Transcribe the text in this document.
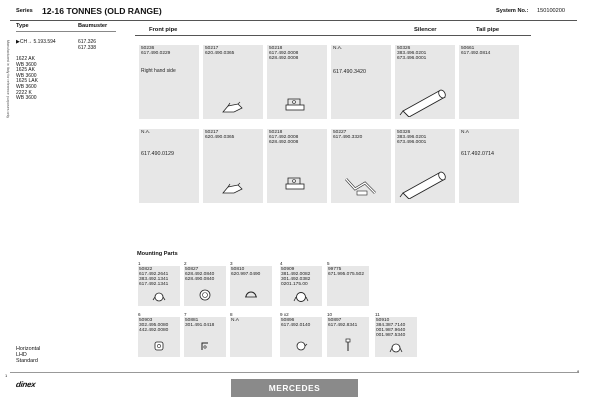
Series 12-16 TONNES (OLD RANGE)	System No.: 150100200
Type	Baumuster
▶CH→ 5.193.594
1622 AK
WB 3600
1625 AK
WB 3600
1625 LAK
WB 3600
2222 K
WB 3600
617.326
617.338
Manufactured in Italy for reference purposes only
Horizontal
LHD
Standard
1
Front pipe	Silencer	Tail pipe
50236
617.490.0229
Right hand side
50217
620.490.0365
50218
617.492.0008
628.492.0008
N.A.
617.490.3420
50326
383.496.0201
673.496.0001
50661
617.492.0814
N.A.
617.490.0129
50217
620.490.0365
50218
617.492.0008
628.492.0008
50227
617.490.3320
50326
383.496.0201
673.496.0001
N.A
617.492.0714
Mounting Parts
1
50822
617.492.2641
383.492.1341
617.492.1341
2
50827
628.492.0840
628.490.0840
3
50810
620.997.0490
4
50909
381.492.0082
301.492.0382
0201.175.00
5
99775
671.995.075.502
6
50903
302.495.0080
442.492.0080
7
50881
301.491.0418
8
N.A
9 x2
50896
617.492.0140
10
50897
617.492.8341
11
50910
384.387.7140
001.987.9640
001.987.5340
dinex	MERCEDES
8
